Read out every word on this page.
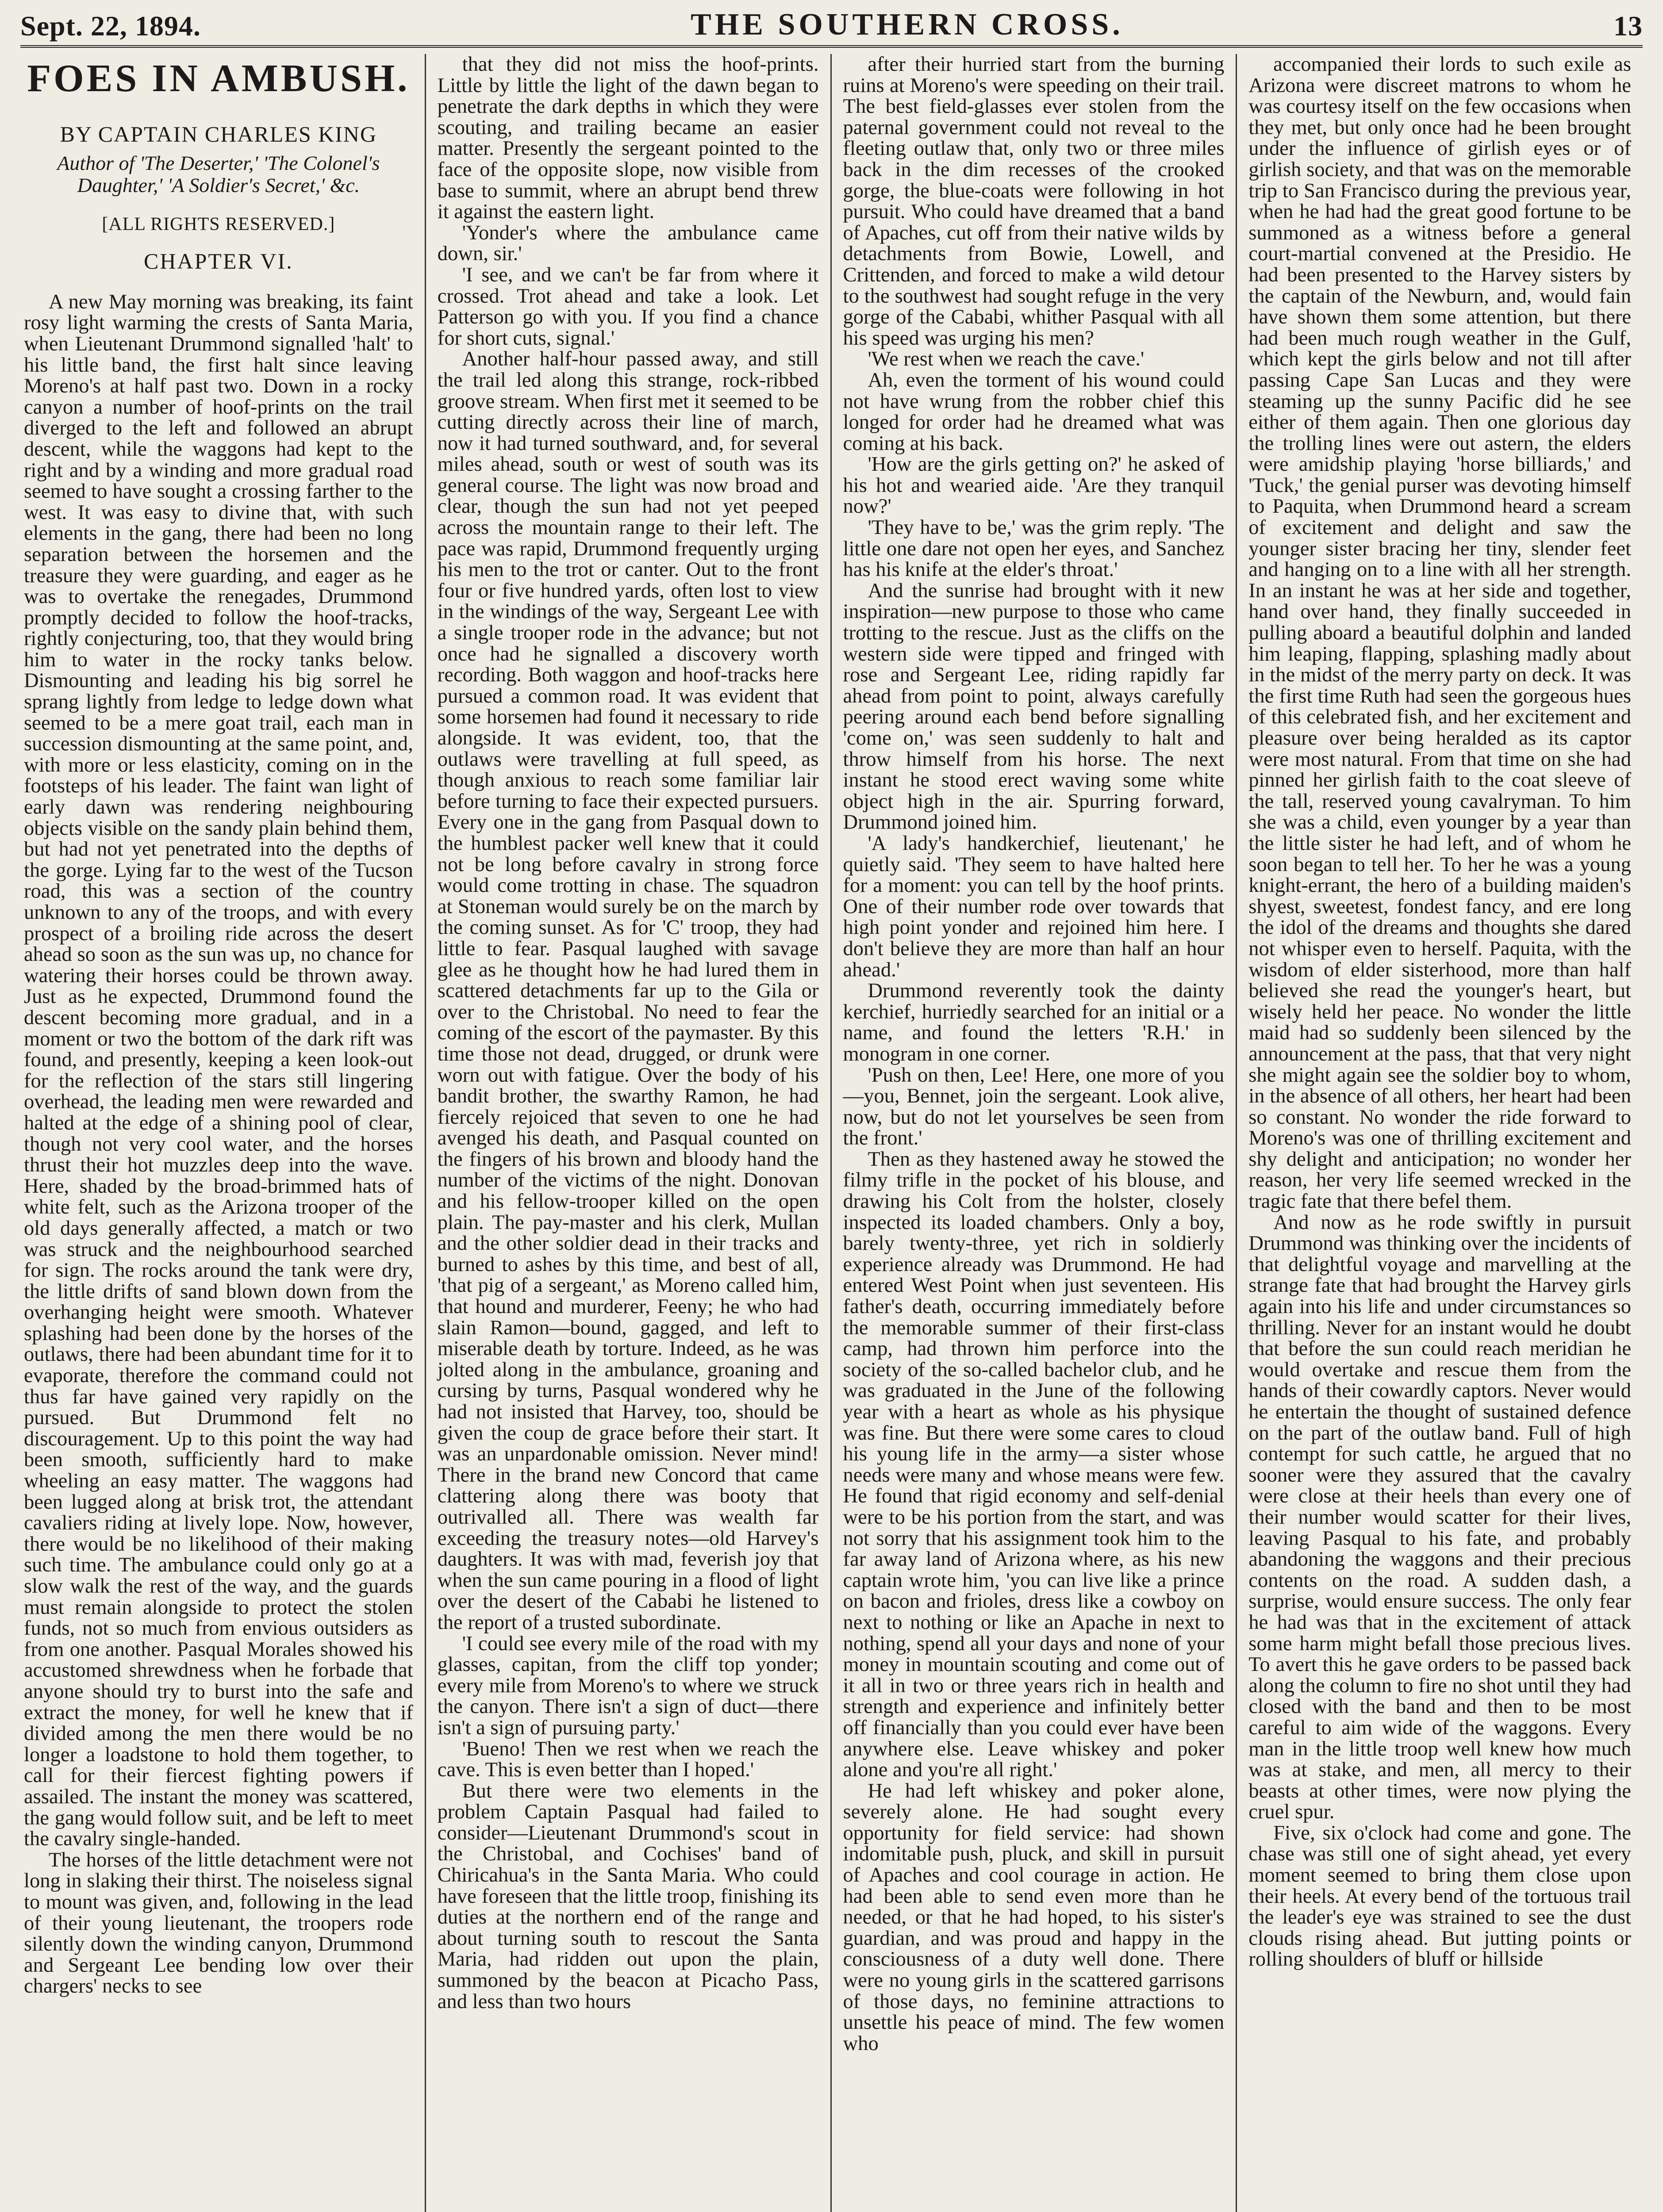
Sept. 22, 1894.	THE SOUTHERN CROSS.	13
FOES IN AMBUSH.
BY CAPTAIN CHARLES KING
Author of 'The Deserter,' 'The Colonel's Daughter,' 'A Soldier's Secret,' &c.
[ALL RIGHTS RESERVED.]
CHAPTER VI.

A new May morning was breaking, its faint rosy light warming the crests of Santa Maria, when Lieutenant Drummond signalled 'halt' to his little band, the first halt since leaving Moreno's at half past two. Down in a rocky canyon a number of hoof-prints on the trail diverged to the left and followed an abrupt descent, while the waggons had kept to the right and by a winding and more gradual road seemed to have sought a crossing farther to the west. It was easy to divine that, with such elements in the gang, there had been no long separation between the horsemen and the treasure they were guarding, and eager as he was to overtake the renegades, Drummond promptly decided to follow the hoof-tracks, rightly conjecturing, too, that they would bring him to water in the rocky tanks below. Dismounting and leading his big sorrel he sprang lightly from ledge to ledge down what seemed to be a mere goat trail, each man in succession dismounting at the same point, and, with more or less elasticity, coming on in the footsteps of his leader. The faint wan light of early dawn was rendering neighbouring objects visible on the sandy plain behind them, but had not yet penetrated into the depths of the gorge. Lying far to the west of the Tucson road, this was a section of the country unknown to any of the troops, and with every prospect of a broiling ride across the desert ahead so soon as the sun was up, no chance for watering their horses could be thrown away. Just as he expected, Drummond found the descent becoming more gradual, and in a moment or two the bottom of the dark rift was found, and presently, keeping a keen look-out for the reflection of the stars still lingering overhead, the leading men were rewarded and halted at the edge of a shining pool of clear, though not very cool water, and the horses thrust their hot muzzles deep into the wave. Here, shaded by the broad-brimmed hats of white felt, such as the Arizona trooper of the old days generally affected, a match or two was struck and the neighbourhood searched for sign. The rocks around the tank were dry, the little drifts of sand blown down from the overhanging height were smooth. Whatever splashing had been done by the horses of the outlaws, there had been abundant time for it to evaporate, therefore the command could not thus far have gained very rapidly on the pursued. But Drummond felt no discouragement. Up to this point the way had been smooth, sufficiently hard to make wheeling an easy matter. The waggons had been lugged along at brisk trot, the attendant cavaliers riding at lively lope. Now, however, there would be no likelihood of their making such time. The ambulance could only go at a slow walk the rest of the way, and the guards must remain alongside to protect the stolen funds, not so much from envious outsiders as from one another. Pasqual Morales showed his accustomed shrewdness when he forbade that anyone should try to burst into the safe and extract the money, for well he knew that if divided among the men there would be no longer a loadstone to hold them together, to call for their fiercest fighting powers if assailed. The instant the money was scattered, the gang would follow suit, and be left to meet the cavalry single-handed.

The horses of the little detachment were not long in slaking their thirst. The noiseless signal to mount was given, and, following in the lead of their young lieutenant, the troopers rode silently down the winding canyon, Drummond and Sergeant Lee bending low over their chargers' necks to see

that they did not miss the hoof-prints. Little by little the light of the dawn began to penetrate the dark depths in which they were scouting, and trailing became an easier matter. Presently the sergeant pointed to the face of the opposite slope, now visible from base to summit, where an abrupt bend threw it against the eastern light.

'Yonder's where the ambulance came down, sir.'

'I see, and we can't be far from where it crossed. Trot ahead and take a look. Let Patterson go with you. If you find a chance for short cuts, signal.'

Another half-hour passed away, and still the trail led along this strange, rock-ribbed groove stream. When first met it seemed to be cutting directly across their line of march, now it had turned southward, and, for several miles ahead, south or west of south was its general course. The light was now broad and clear, though the sun had not yet peeped across the mountain range to their left. The pace was rapid, Drummond frequently urging his men to the trot or canter. Out to the front four or five hundred yards, often lost to view in the windings of the way, Sergeant Lee with a single trooper rode in the advance; but not once had he signalled a discovery worth recording. Both waggon and hoof-tracks here pursued a common road. It was evident that some horsemen had found it necessary to ride alongside. It was evident, too, that the outlaws were travelling at full speed, as though anxious to reach some familiar lair before turning to face their expected pursuers. Every one in the gang from Pasqual down to the humblest packer well knew that it could not be long before cavalry in strong force would come trotting in chase. The squadron at Stoneman would surely be on the march by the coming sunset. As for 'C' troop, they had little to fear. Pasqual laughed with savage glee as he thought how he had lured them in scattered detachments far up to the Gila or over to the Christobal. No need to fear the coming of the escort of the paymaster. By this time those not dead, drugged, or drunk were worn out with fatigue. Over the body of his bandit brother, the swarthy Ramon, he had fiercely rejoiced that seven to one he had avenged his death, and Pasqual counted on the fingers of his brown and bloody hand the number of the victims of the night. Donovan and his fellow-trooper killed on the open plain. The pay-master and his clerk, Mullan and the other soldier dead in their tracks and burned to ashes by this time, and best of all, 'that pig of a sergeant,' as Moreno called him, that hound and murderer, Feeny; he who had slain Ramon—bound, gagged, and left to miserable death by torture. Indeed, as he was jolted along in the ambulance, groaning and cursing by turns, Pasqual wondered why he had not insisted that Harvey, too, should be given the coup de grace before their start. It was an unpardonable omission. Never mind! There in the brand new Concord that came clattering along there was booty that outrivalled all. There was wealth far exceeding the treasury notes—old Harvey's daughters. It was with mad, feverish joy that when the sun came pouring in a flood of light over the desert of the Cababi he listened to the report of a trusted subordinate.

'I could see every mile of the road with my glasses, capitan, from the cliff top yonder; every mile from Moreno's to where we struck the canyon. There isn't a sign of duct—there isn't a sign of pursuing party.'

'Bueno! Then we rest when we reach the cave. This is even better than I hoped.'

But there were two elements in the problem Captain Pasqual had failed to consider—Lieutenant Drummond's scout in the Christobal, and Cochises' band of Chiricahua's in the Santa Maria. Who could have foreseen that the little troop, finishing its duties at the northern end of the range and about turning south to rescout the Santa Maria, had ridden out upon the plain, summoned by the beacon at Picacho Pass, and less than two hours

after their hurried start from the burning ruins at Moreno's were speeding on their trail. The best field-glasses ever stolen from the paternal government could not reveal to the fleeting outlaw that, only two or three miles back in the dim recesses of the crooked gorge, the blue-coats were following in hot pursuit. Who could have dreamed that a band of Apaches, cut off from their native wilds by detachments from Bowie, Lowell, and Crittenden, and forced to make a wild detour to the southwest had sought refuge in the very gorge of the Cababi, whither Pasqual with all his speed was urging his men?

'We rest when we reach the cave.'

Ah, even the torment of his wound could not have wrung from the robber chief this longed for order had he dreamed what was coming at his back.

'How are the girls getting on?' he asked of his hot and wearied aide. 'Are they tranquil now?'

'They have to be,' was the grim reply. 'The little one dare not open her eyes, and Sanchez has his knife at the elder's throat.'

And the sunrise had brought with it new inspiration—new purpose to those who came trotting to the rescue. Just as the cliffs on the western side were tipped and fringed with rose and Sergeant Lee, riding rapidly far ahead from point to point, always carefully peering around each bend before signalling 'come on,' was seen suddenly to halt and throw himself from his horse. The next instant he stood erect waving some white object high in the air. Spurring forward, Drummond joined him.

'A lady's handkerchief, lieutenant,' he quietly said. 'They seem to have halted here for a moment: you can tell by the hoof prints. One of their number rode over towards that high point yonder and rejoined him here. I don't believe they are more than half an hour ahead.'

Drummond reverently took the dainty kerchief, hurriedly searched for an initial or a name, and found the letters 'R.H.' in monogram in one corner.

'Push on then, Lee! Here, one more of you—you, Bennet, join the sergeant. Look alive, now, but do not let yourselves be seen from the front.'

Then as they hastened away he stowed the filmy trifle in the pocket of his blouse, and drawing his Colt from the holster, closely inspected its loaded chambers. Only a boy, barely twenty-three, yet rich in soldierly experience already was Drummond. He had entered West Point when just seventeen. His father's death, occurring immediately before the memorable summer of their first-class camp, had thrown him perforce into the society of the so-called bachelor club, and he was graduated in the June of the following year with a heart as whole as his physique was fine. But there were some cares to cloud his young life in the army—a sister whose needs were many and whose means were few. He found that rigid economy and self-denial were to be his portion from the start, and was not sorry that his assignment took him to the far away land of Arizona where, as his new captain wrote him, 'you can live like a prince on bacon and frioles, dress like a cowboy on next to nothing or like an Apache in next to nothing, spend all your days and none of your money in mountain scouting and come out of it all in two or three years rich in health and strength and experience and infinitely better off financially than you could ever have been anywhere else. Leave whiskey and poker alone and you're all right.'

He had left whiskey and poker alone, severely alone. He had sought every opportunity for field service: had shown indomitable push, pluck, and skill in pursuit of Apaches and cool courage in action. He had been able to send even more than he needed, or that he had hoped, to his sister's guardian, and was proud and happy in the consciousness of a duty well done. There were no young girls in the scattered garrisons of those days, no feminine attractions to unsettle his peace of mind. The few women who

accompanied their lords to such exile as Arizona were discreet matrons to whom he was courtesy itself on the few occasions when they met, but only once had he been brought under the influence of girlish eyes or of girlish society, and that was on the memorable trip to San Francisco during the previous year, when he had had the great good fortune to be summoned as a witness before a general court-martial convened at the Presidio. He had been presented to the Harvey sisters by the captain of the Newburn, and, would fain have shown them some attention, but there had been much rough weather in the Gulf, which kept the girls below and not till after passing Cape San Lucas and they were steaming up the sunny Pacific did he see either of them again. Then one glorious day the trolling lines were out astern, the elders were amidship playing 'horse billiards,' and 'Tuck,' the genial purser was devoting himself to Paquita, when Drummond heard a scream of excitement and delight and saw the younger sister bracing her tiny, slender feet and hanging on to a line with all her strength. In an instant he was at her side and together, hand over hand, they finally succeeded in pulling aboard a beautiful dolphin and landed him leaping, flapping, splashing madly about in the midst of the merry party on deck. It was the first time Ruth had seen the gorgeous hues of this celebrated fish, and her excitement and pleasure over being heralded as its captor were most natural. From that time on she had pinned her girlish faith to the coat sleeve of the tall, reserved young cavalryman. To him she was a child, even younger by a year than the little sister he had left, and of whom he soon began to tell her. To her he was a young knight-errant, the hero of a building maiden's shyest, sweetest, fondest fancy, and ere long the idol of the dreams and thoughts she dared not whisper even to herself. Paquita, with the wisdom of elder sisterhood, more than half believed she read the younger's heart, but wisely held her peace. No wonder the little maid had so suddenly been silenced by the announcement at the pass, that that very night she might again see the soldier boy to whom, in the absence of all others, her heart had been so constant. No wonder the ride forward to Moreno's was one of thrilling excitement and shy delight and anticipation; no wonder her reason, her very life seemed wrecked in the tragic fate that there befel them.

And now as he rode swiftly in pursuit Drummond was thinking over the incidents of that delightful voyage and marvelling at the strange fate that had brought the Harvey girls again into his life and under circumstances so thrilling. Never for an instant would he doubt that before the sun could reach meridian he would overtake and rescue them from the hands of their cowardly captors. Never would he entertain the thought of sustained defence on the part of the outlaw band. Full of high contempt for such cattle, he argued that no sooner were they assured that the cavalry were close at their heels than every one of their number would scatter for their lives, leaving Pasqual to his fate, and probably abandoning the waggons and their precious contents on the road. A sudden dash, a surprise, would ensure success. The only fear he had was that in the excitement of attack some harm might befall those precious lives. To avert this he gave orders to be passed back along the column to fire no shot until they had closed with the band and then to be most careful to aim wide of the waggons. Every man in the little troop well knew how much was at stake, and men, all mercy to their beasts at other times, were now plying the cruel spur.

Five, six o'clock had come and gone. The chase was still one of sight ahead, yet every moment seemed to bring them close upon their heels. At every bend of the tortuous trail the leader's eye was strained to see the dust clouds rising ahead. But jutting points or rolling shoulders of bluff or hillside
